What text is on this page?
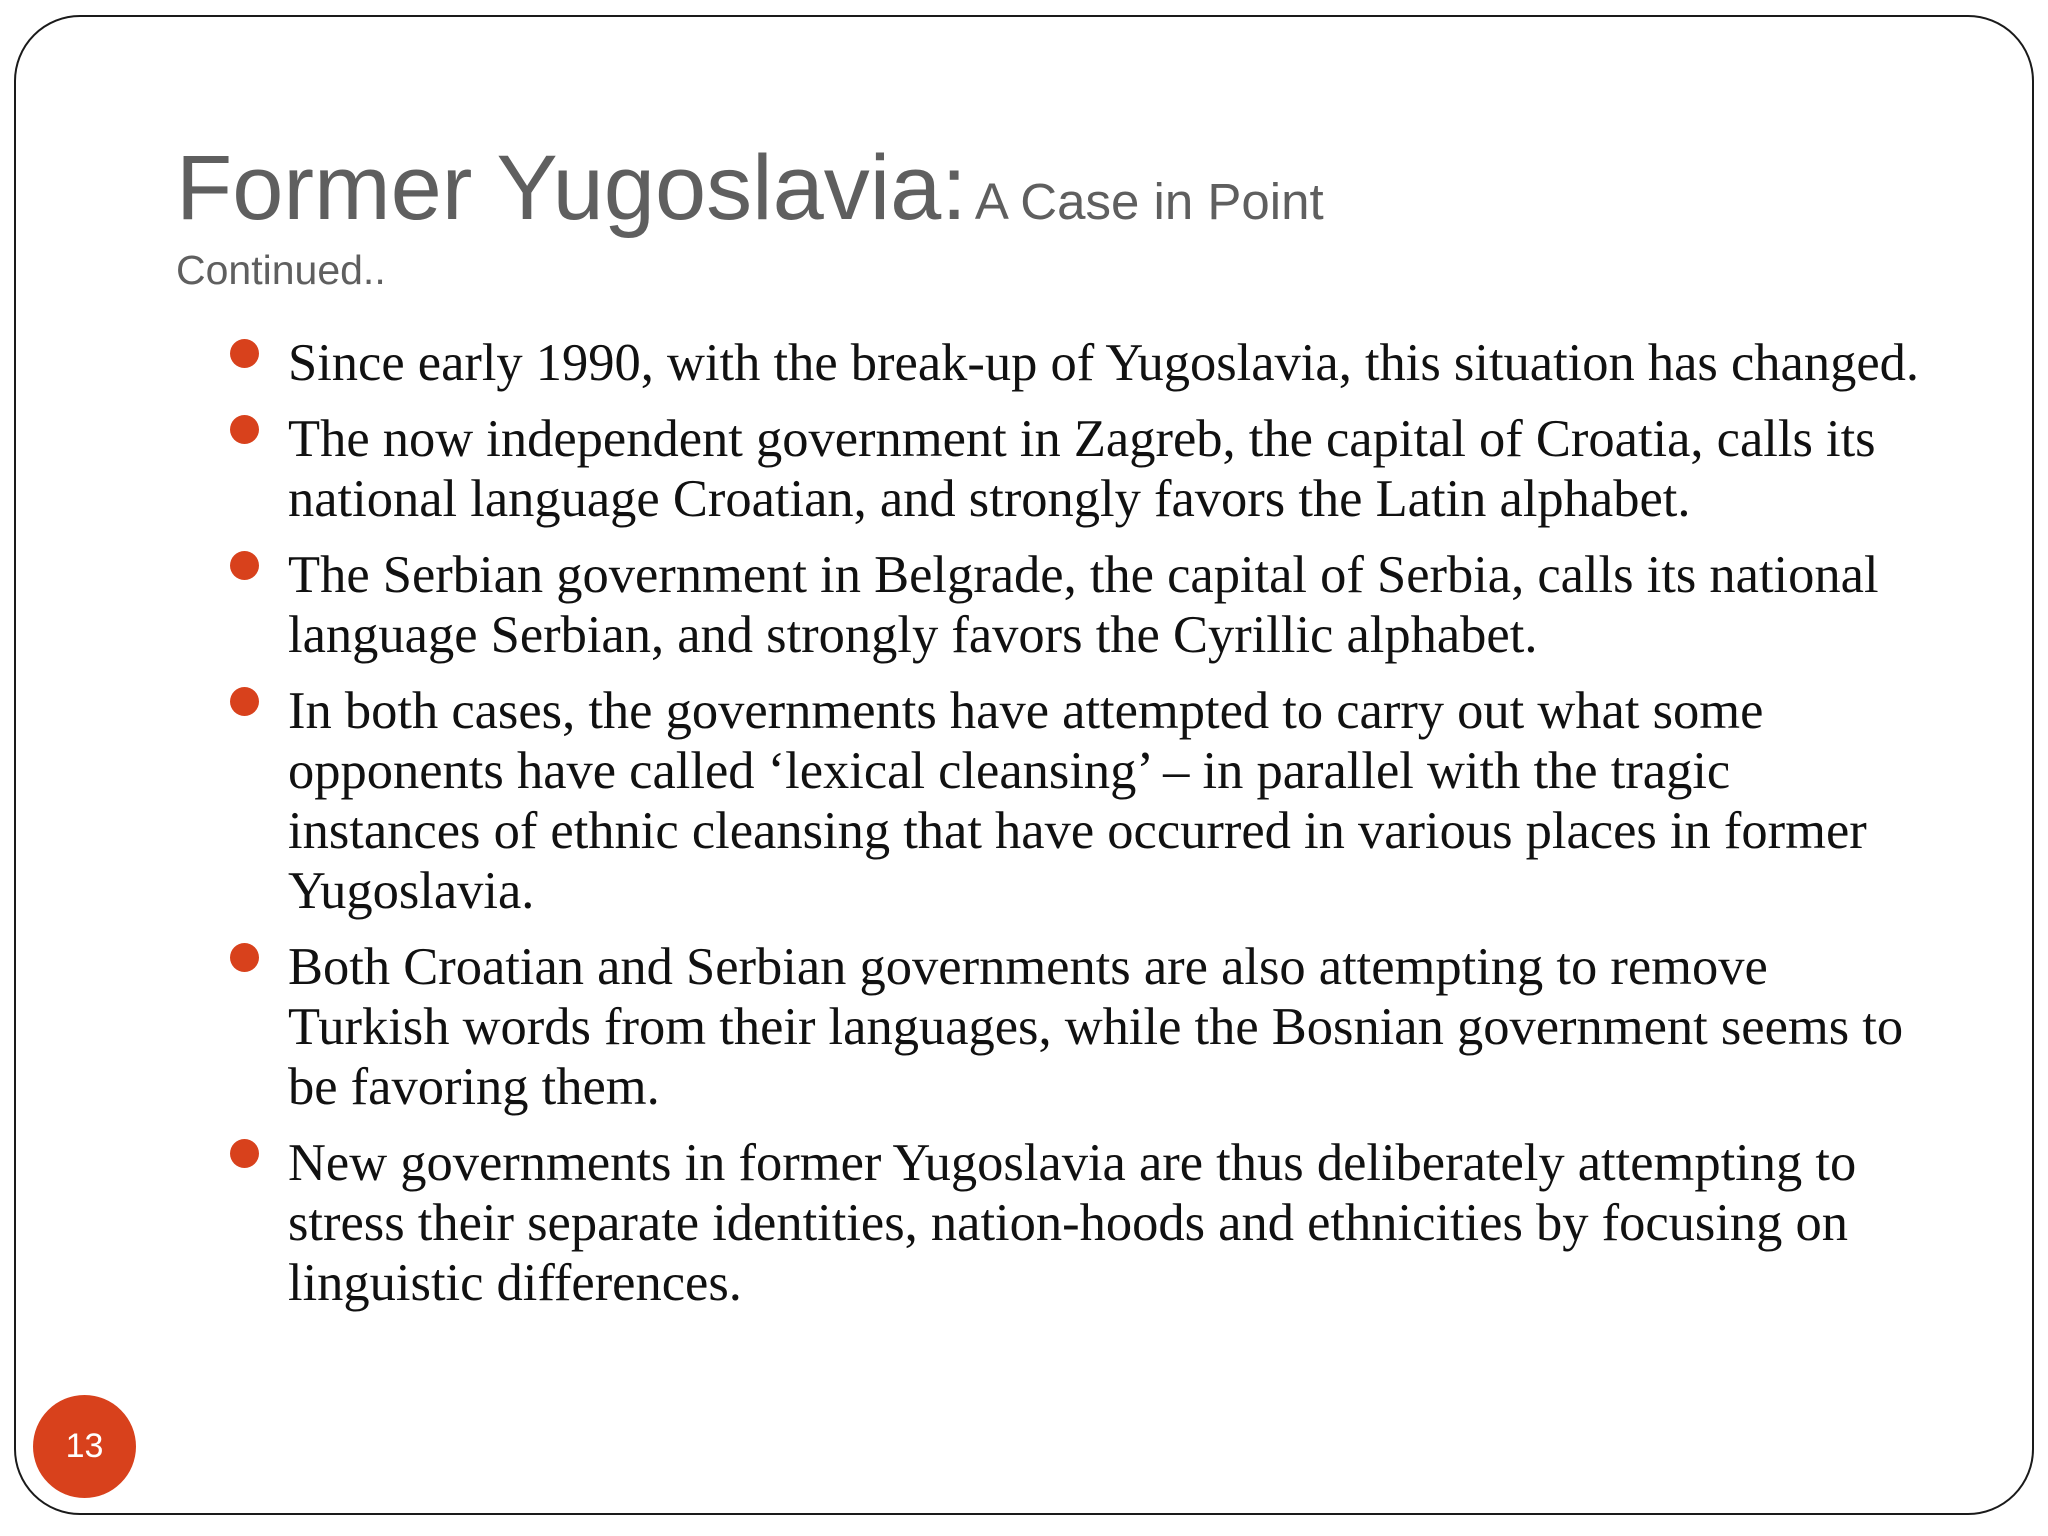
Former Yugoslavia: A Case in Point
Continued..
Since early 1990, with the break-up of Yugoslavia, this situation has changed.
The now independent government in Zagreb, the capital of Croatia, calls its national language Croatian, and strongly favors the Latin alphabet.
The Serbian government in Belgrade, the capital of Serbia, calls its national language Serbian, and strongly favors the Cyrillic alphabet.
In both cases, the governments have attempted to carry out what some opponents have called ‘lexical cleansing’ – in parallel with the tragic instances of ethnic cleansing that have occurred in various places in former Yugoslavia.
Both Croatian and Serbian governments are also attempting to remove Turkish words from their languages, while the Bosnian government seems to be favoring them.
New governments in former Yugoslavia are thus deliberately attempting to stress their separate identities, nation-hoods and ethnicities by focusing on linguistic differences.
13
